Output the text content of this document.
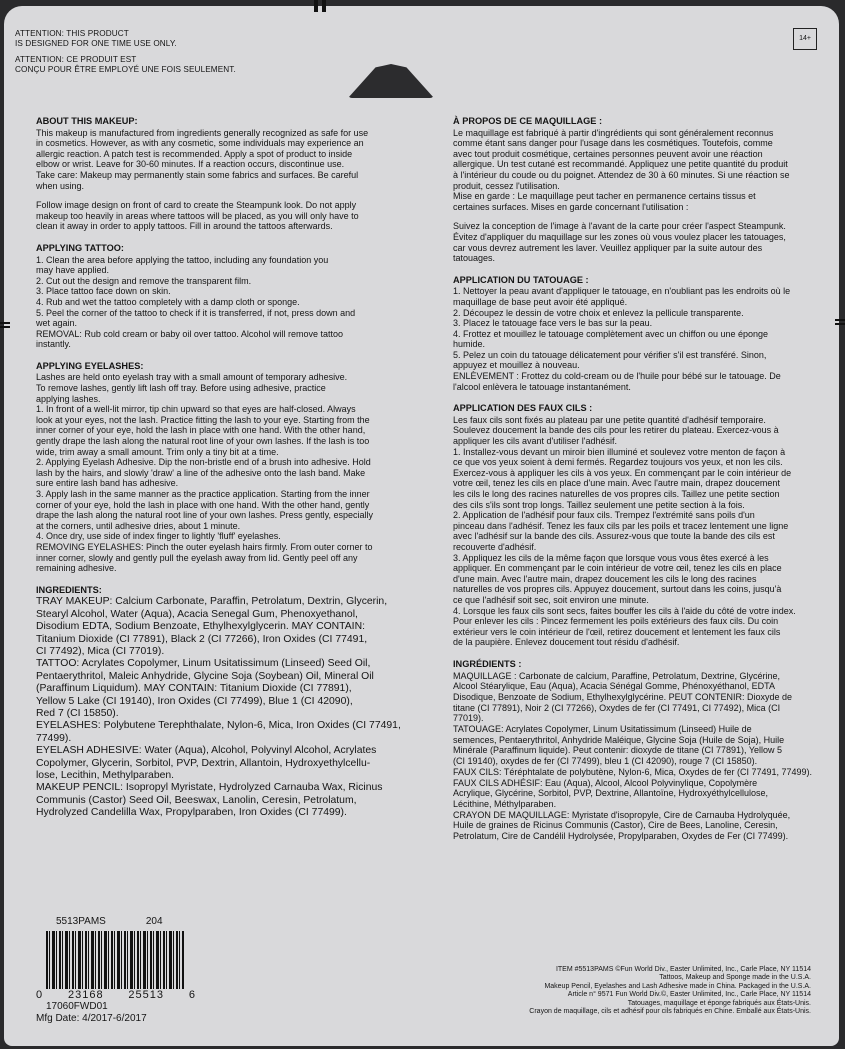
ATTENTION: THIS PRODUCT
IS DESIGNED FOR ONE TIME USE ONLY.
ATTENTION: CE PRODUIT EST
CONÇU POUR ÊTRE EMPLOYÉ UNE FOIS SEULEMENT.
14+
ABOUT THIS MAKEUP:

This makeup is manufactured from ingredients generally recognized as safe for use
in cosmetics. However, as with any cosmetic, some individuals may experience an
allergic reaction. A patch test is recommended. Apply a spot of product to inside
elbow or wrist. Leave for 30-60 minutes. If a reaction occurs, discontinue use.
Take care: Makeup may permanently stain some fabrics and surfaces. Be careful
when using.

Follow image design on front of card to create the Steampunk look. Do not apply
makeup too heavily in areas where tattoos will be placed, as you will only have to
clean it away in order to apply tattoos. Fill in around the tattoos afterwards.

APPLYING TATTOO:

1. Clean the area before applying the tattoo, including any foundation you
may have applied.
2. Cut out the design and remove the transparent film.
3. Place tattoo face down on skin.
4. Rub and wet the tattoo completely with a damp cloth or sponge.
5. Peel the corner of the tattoo to check if it is transferred, if not, press down and
wet again.
REMOVAL: Rub cold cream or baby oil over tattoo. Alcohol will remove tattoo
instantly.

APPLYING EYELASHES:

Lashes are held onto eyelash tray with a small amount of temporary adhesive.
To remove lashes, gently lift lash off tray. Before using adhesive, practice
applying lashes.
1. In front of a well-lit mirror, tip chin upward so that eyes are half-closed. Always
look at your eyes, not the lash. Practice fitting the lash to your eye. Starting from the
inner corner of your eye, hold the lash in place with one hand. With the other hand,
gently drape the lash along the natural root line of your own lashes. If the lash is too
wide, trim away a small amount. Trim only a tiny bit at a time.
2. Applying Eyelash Adhesive. Dip the non-bristle end of a brush into adhesive. Hold
lash by the hairs, and slowly 'draw' a line of the adhesive onto the lash band. Make
sure entire lash band has adhesive.
3. Apply lash in the same manner as the practice application. Starting from the inner
corner of your eye, hold the lash in place with one hand. With the other hand, gently
drape the lash along the natural root line of your own lashes. Press gently, especially
at the corners, until adhesive dries, about 1 minute.
4. Once dry, use side of index finger to lightly 'fluff' eyelashes.
REMOVING EYELASHES: Pinch the outer eyelash hairs firmly. From outer corner to
inner corner, slowly and gently pull the eyelash away from lid. Gently peel off any
remaining adhesive.

INGREDIENTS:

TRAY MAKEUP: Calcium Carbonate, Paraffin, Petrolatum, Dextrin, Glycerin,
Stearyl Alcohol, Water (Aqua), Acacia Senegal Gum, Phenoxyethanol,
Disodium EDTA, Sodium Benzoate, Ethylhexylglycerin. MAY CONTAIN:
Titanium Dioxide (CI 77891), Black 2 (CI 77266), Iron Oxides (CI 77491,
CI 77492), Mica (CI 77019).
TATTOO: Acrylates Copolymer, Linum Usitatissimum (Linseed) Seed Oil,
Pentaerythritol, Maleic Anhydride, Glycine Soja (Soybean) Oil, Mineral Oil
(Paraffinum Liquidum). MAY CONTAIN: Titanium Dioxide (CI 77891),
Yellow 5 Lake (CI 19140), Iron Oxides (CI 77499), Blue 1 (CI 42090),
Red 7 (CI 15850).
EYELASHES: Polybutene Terephthalate, Nylon-6, Mica, Iron Oxides (CI 77491,
77499).
EYELASH ADHESIVE: Water (Aqua), Alcohol, Polyvinyl Alcohol, Acrylates
Copolymer, Glycerin, Sorbitol, PVP, Dextrin, Allantoin, Hydroxyethylcellu-
lose, Lecithin, Methylparaben.
MAKEUP PENCIL: Isopropyl Myristate, Hydrolyzed Carnauba Wax, Ricinus
Communis (Castor) Seed Oil, Beeswax, Lanolin, Ceresin, Petrolatum,
Hydrolyzed Candelilla Wax, Propylparaben, Iron Oxides (CI 77499).

À PROPOS DE CE MAQUILLAGE :

Le maquillage est fabriqué à partir d'ingrédients qui sont généralement reconnus
comme étant sans danger pour l'usage dans les cosmétiques. Toutefois, comme
avec tout produit cosmétique, certaines personnes peuvent avoir une réaction
allergique. Un test cutané est recommandé. Appliquez une petite quantité du produit
à l'intérieur du coude ou du poignet. Attendez de 30 à 60 minutes. Si une réaction se
produit, cessez l'utilisation.
Mise en garde : Le maquillage peut tacher en permanence certains tissus et
certaines surfaces. Mises en garde concernant l'utilisation :

Suivez la conception de l'image à l'avant de la carte pour créer l'aspect Steampunk.
Évitez d'appliquer du maquillage sur les zones où vous voulez placer les tatouages,
car vous devrez autrement les laver. Veuillez appliquer par la suite autour des
tatouages.

APPLICATION DU TATOUAGE :

1. Nettoyer la peau avant d'appliquer le tatouage, en n'oubliant pas les endroits où le
maquillage de base peut avoir été appliqué.
2. Découpez le dessin de votre choix et enlevez la pellicule transparente.
3. Placez le tatouage face vers le bas sur la peau.
4. Frottez et mouillez le tatouage complètement avec un chiffon ou une éponge
humide.
5. Pelez un coin du tatouage délicatement pour vérifier s'il est transféré. Sinon,
appuyez et mouillez à nouveau.
ENLÈVEMENT : Frottez du cold-cream ou de l'huile pour bébé sur le tatouage. De
l'alcool enlèvera le tatouage instantanément.

APPLICATION DES FAUX CILS :

Les faux cils sont fixés au plateau par une petite quantité d'adhésif temporaire.
Soulevez doucement la bande des cils pour les retirer du plateau. Exercez-vous à
appliquer les cils avant d'utiliser l'adhésif.
1. Installez-vous devant un miroir bien illuminé et soulevez votre menton de façon à
ce que vos yeux soient à demi fermés. Regardez toujours vos yeux, et non les cils.
Exercez-vous à appliquer les cils à vos yeux. En commençant par le coin intérieur de
votre œil, tenez les cils en place d'une main. Avec l'autre main, drapez doucement
les cils le long des racines naturelles de vos propres cils. Taillez une petite section
des cils s'ils sont trop longs. Taillez seulement une petite section à la fois.
2. Application de l'adhésif pour faux cils. Trempez l'extrémité sans poils d'un
pinceau dans l'adhésif. Tenez les faux cils par les poils et tracez lentement une ligne
avec l'adhésif sur la bande des cils. Assurez-vous que toute la bande des cils est
recouverte d'adhésif.
3. Appliquez les cils de la même façon que lorsque vous vous êtes exercé à les
appliquer. En commençant par le coin intérieur de votre œil, tenez les cils en place
d'une main. Avec l'autre main, drapez doucement les cils le long des racines
naturelles de vos propres cils. Appuyez doucement, surtout dans les coins, jusqu'à
ce que l'adhésif soit sec, soit environ une minute.
4. Lorsque les faux cils sont secs, faites bouffer les cils à l'aide du côté de votre index.
Pour enlever les cils : Pincez fermement les poils extérieurs des faux cils. Du coin
extérieur vers le coin intérieur de l'œil, retirez doucement et lentement les faux cils
de la paupière. Enlevez doucement tout résidu d'adhésif.

INGRÉDIENTS :

MAQUILLAGE : Carbonate de calcium, Paraffine, Petrolatum, Dextrine, Glycérine,
Alcool Stéarylique, Eau (Aqua), Acacia Sénégal Gomme, Phénoxyéthanol, EDTA
Disodique, Benzoate de Sodium, Ethylhexylglycérine. PEUT CONTENIR: Dioxyde de
titane (CI 77891), Noir 2 (CI 77266), Oxydes de fer (CI 77491, CI 77492), Mica (CI
77019).
TATOUAGE: Acrylates Copolymer, Linum Usitatissimum (Linseed) Huile de
semences, Pentaerythritol, Anhydride Maléique, Glycine Soja (Huile de Soja), Huile
Minérale (Paraffinum liquide). Peut contenir: dioxyde de titane (CI 77891), Yellow 5
(CI 19140), oxydes de fer (CI 77499), bleu 1 (CI 42090), rouge 7 (CI 15850).
FAUX CILS: Téréphtalate de polybutène, Nylon-6, Mica, Oxydes de fer (CI 77491, 77499).
FAUX CILS ADHÉSIF: Eau (Aqua), Alcool, Alcool Polyvinylique, Copolymère
Acrylique, Glycérine, Sorbitol, PVP, Dextrine, Allantoïne, Hydroxyéthylcellulose,
Lécithine, Méthylparaben.
CRAYON DE MAQUILLAGE: Myristate d'isopropyle, Cire de Carnauba Hydrolyquée,
Huile de graines de Ricinus Communis (Castor), Cire de Bees, Lanoline, Ceresin,
Petrolatum, Cire de Candélil Hydrolysée, Propylparaben, Oxydes de Fer (CI 77499).

5513PAMS	204
0 23168 25513 6
17060FWD01
Mfg Date: 4/2017-6/2017
ITEM #5513PAMS ©Fun World Div., Easter Unlimited, Inc., Carle Place, NY 11514
Tattoos, Makeup and Sponge made in the U.S.A.
Makeup Pencil, Eyelashes and Lash Adhesive made in China. Packaged in the U.S.A.
Article n° 9571 Fun World Div.©, Easter Unlimited, Inc., Carle Place, NY 11514
Tatouages, maquillage et éponge fabriqués aux États-Unis.
Crayon de maquillage, cils et adhésif pour cils fabriqués en Chine. Emballé aux États-Unis.
